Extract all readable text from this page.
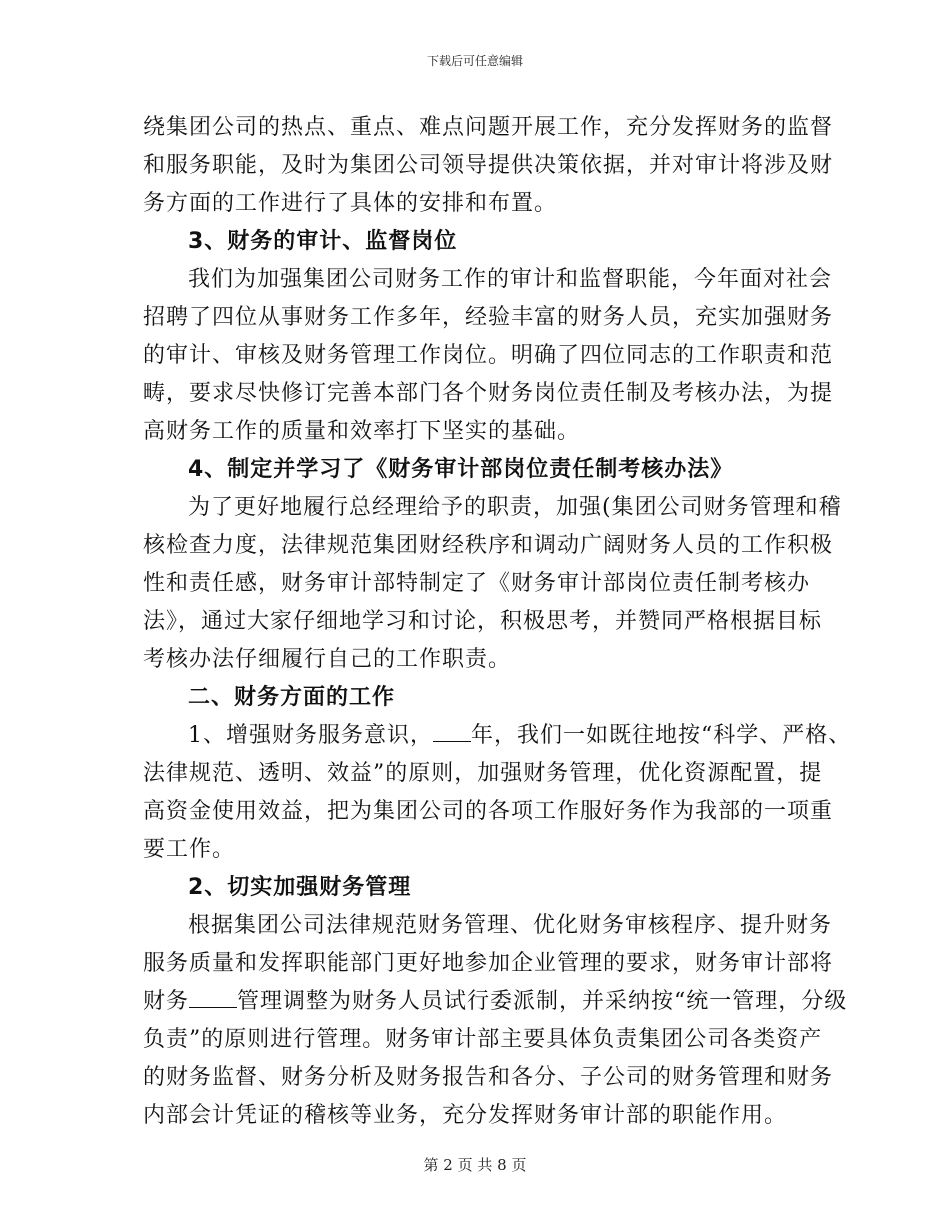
下载后可任意编辑

绕集团公司的热点、重点、难点问题开展工作，充分发挥财务的监督
和服务职能，及时为集团公司领导提供决策依据，并对审计将涉及财
务方面的工作进行了具体的安排和布置。

3、财务的审计、监督岗位

我们为加强集团公司财务工作的审计和监督职能，今年面对社会
招聘了四位从事财务工作多年，经验丰富的财务人员，充实加强财务
的审计、审核及财务管理工作岗位。明确了四位同志的工作职责和范
畴，要求尽快修订完善本部门各个财务岗位责任制及考核办法，为提
高财务工作的质量和效率打下坚实的基础。

4、制定并学习了《财务审计部岗位责任制考核办法》

为了更好地履行总经理给予的职责，加强(集团公司财务管理和稽
核检查力度，法律规范集团财经秩序和调动广阔财务人员的工作积极
性和责任感，财务审计部特制定了《财务审计部岗位责任制考核办
法》，通过大家仔细地学习和讨论，积极思考，并赞同严格根据目标
考核办法仔细履行自己的工作职责。

二、财务方面的工作

1、增强财务服务意识， 年，我们一如既往地按“科学、严格、
法律规范、透明、效益”的原则，加强财务管理，优化资源配置，提
高资金使用效益，把为集团公司的各项工作服好务作为我部的一项重
要工作。

2、切实加强财务管理

根据集团公司法律规范财务管理、优化财务审核程序、提升财务
服务质量和发挥职能部门更好地参加企业管理的要求，财务审计部将
财务 管理调整为财务人员试行委派制，并采纳按“统一管理，分级
负责”的原则进行管理。财务审计部主要具体负责集团公司各类资产
的财务监督、财务分析及财务报告和各分、子公司的财务管理和财务
内部会计凭证的稽核等业务，充分发挥财务审计部的职能作用。

第 2 页 共 8 页
